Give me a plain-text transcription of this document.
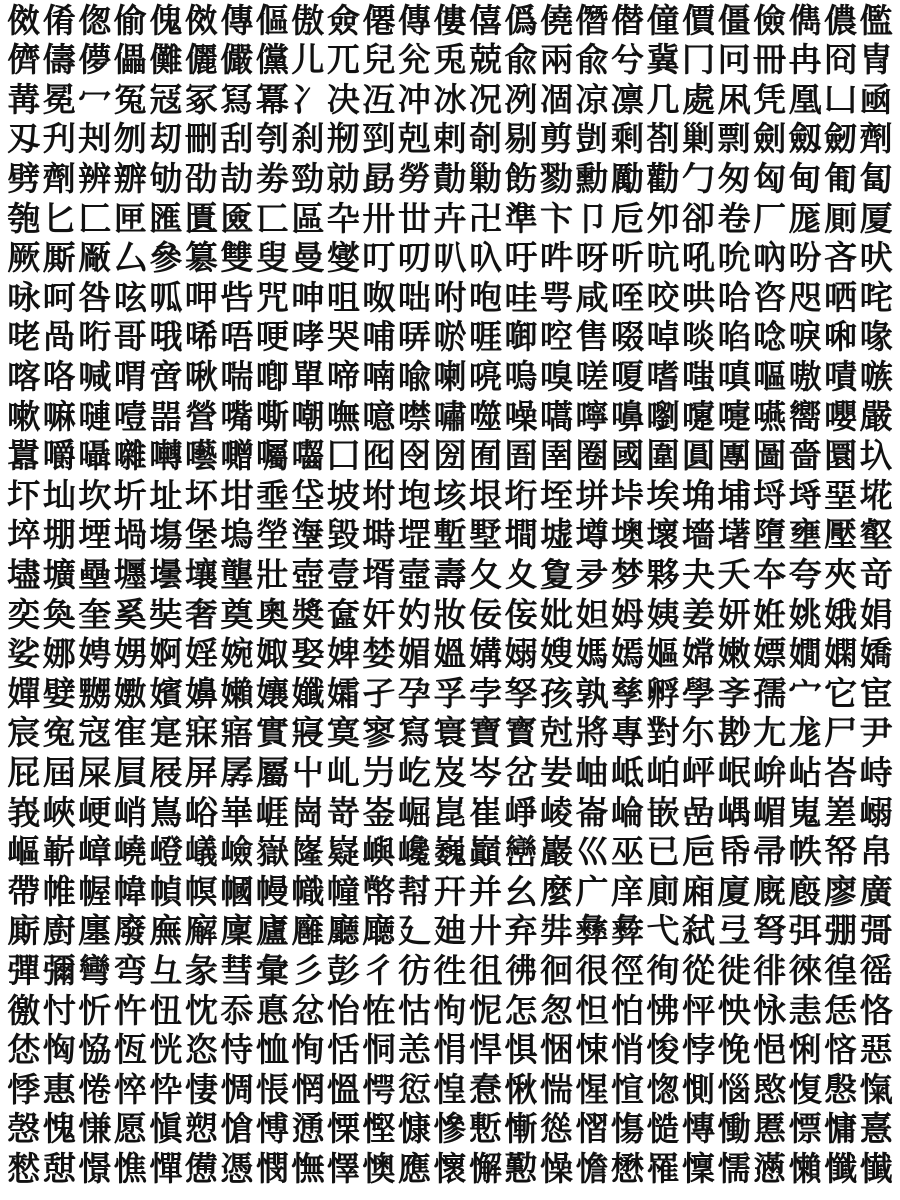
傚 倄 偬 偷 傀 傚 傳 傴 傲 僉 僊 傳 僂 僖 僞 僥 僭 僣 僮 價 僵 儉 儁 儂 儖
儕 儔 儚 儡 儺 儷 儼 儻 儿 兀 兒 兊 兎 兢 兪 兩 兪 兮 冀 冂 冋 冊 冉 冏 冑
冓 冕 冖 冤 冦 冢 冩 冪 冫 决 冱 冲 冰 况 冽 凅 凉 凛 几 處 凩 凭 凰 凵 凾
刄 刋 刔 刎 刧 刪 刮 刳 刹 剏 剄 剋 剌 剞 剔 剪 剴 剩 剳 剿 剽 劍 劔 劒 劑
劈 劑 辨 辧 劬 劭 劼 劵 勁 勍 勗 勞 勣 勦 飭 勠 勳 勵 勸 勹 匆 匈 甸 匍 匐
匏 匕 匚 匣 匯 匱 匳 匸 區 卆 卅 丗 卉 卍 準 卞 卩 卮 夘 卻 卷 厂 厖 厠 厦
厥 厮 厰 厶 參 簒 雙 叟 曼 燮 叮 叨 叭 叺 吁 吽 呀 听 吭 吼 吮 吶 吩 吝 吠
咏 呵 咎 呟 呱 呷 呰 咒 呻 咀 呶 咄 咐 咆 哇 咢 咸 咥 咬 哄 哈 咨 咫 哂 咤
咾 咼 哘 哥 哦 唏 唔 哽 哮 哭 哺 哢 唹 啀 啣 啌 售 啜 啅 啖 啗 唸 唳 啝 喙
喀 咯 喊 喟 啻 啾 喘 喞 單 啼 喃 喩 喇 喨 嗚 嗅 嗟 嗄 嗜 嗤 嗔 嘔 嗷 嘖 嗾
嗽 嘛 嗹 噎 噐 營 嘴 嘶 嘲 嘸 噫 噤 嘯 噬 噪 嚆 嚀 嚊 嚠 嚔 嚏 嚥 嚮 嚶 嚴
囂 嚼 囁 囃 囀 囈 囎 囑 囓 囗 囮 囹 圀 囿 圄 圉 圈 國 圍 圓 團 圖 嗇 圜 圦
圷 圸 坎 圻 址 坏 坩 埀 垈 坡 坿 垉 垓 垠 垳 垤 垪 垰 埃 埆 埔 埒 埓 堊 埖
埣 堋 堙 堝 塲 堡 塢 塋 塰 毀 塒 堽 塹 墅 墹 墟 墫 墺 壞 墻 墸 墮 壅 壓 壑
壗 壙 壘 壥 壜 壤 壟 壯 壺 壹 壻 壼 壽 夂 夊 夐 夛 梦 夥 夬 夭 夲 夸 夾 竒
奕 奐 奎 奚 奘 奢 奠 奧 奬 奩 奸 妁 妝 佞 侫 妣 妲 姆 姨 姜 妍 姙 姚 娥 娟
娑 娜 娉 娚 婀 婬 婉 娵 娶 婢 婪 媚 媼 媾 嫋 嫂 媽 嫣 嫗 嫦 嫩 嫖 嫺 嫻 嬌
嬋 嬖 嬲 嫐 嬪 嬶 嬾 孃 孅 孀 孑 孕 孚 孛 孥 孩 孰 孳 孵 學 斈 孺 宀 它 宦
宸 寃 寇 寉 寔 寐 寤 實 寢 寞 寥 寫 寰 寶 寳 尅 將 專 對 尓 尠 尢 尨 尸 尹
屁 屆 屎 屓 屐 屏 孱 屬 屮 乢 屶 屹 岌 岑 岔 妛 岫 岻 岶 岼 岷 峅 岾 峇 峙
峩 峽 峺 峭 嶌 峪 崋 崕 崗 嵜 崟 崛 崑 崔 崢 崚 崙 崘 嵌 嵒 嵎 嵋 嵬 嵳 嵶
嶇 嶄 嶂 嶢 嶝 嶬 嶮 嶽 嶐 嶷 嶼 巉 巍 巓 巒 巖 巛 巫 已 巵 帋 帚 帙 帑 帛
帶 帷 幄 幃 幀 幎 幗 幔 幟 幢 幤 幇 幵 并 幺 麼 广 庠 廁 廂 廈 廐 廏 廖 廣
廝 廚 廛 廢 廡 廨 廩 廬 廱 廳 廰 廴 廸 廾 弃 弉 彝 彜 弋 弑 弖 弩 弭 弸 彁
彈 彌 彎 弯 彑 彖 彗 彙 彡 彭 彳 彷 徃 徂 彿 徊 很 徑 徇 從 徙 徘 徠 徨 徭
徼 忖 忻 忤 忸 忱 忝 悳 忿 怡 恠 怙 怐 怩 怎 怱 怛 怕 怫 怦 怏 怺 恚 恁 恪
恷 恟 恊 恆 恍 恣 恃 恤 恂 恬 恫 恙 悁 悍 惧 悃 悚 悄 悛 悖 悗 悒 悧 悋 惡
悸 惠 惓 悴 忰 悽 惆 悵 惘 慍 愕 愆 惶 惷 愀 惴 惺 愃 愡 惻 惱 愍 愎 慇 愾
愨 愧 慊 愿 愼 愬 愴 愽 慂 慄 慳 慷 慘 慙 慚 慫 慴 慯 慥 慱 慟 慝 慓 慵 憙
憖 憇 憬 憔 憚 憊 憑 憫 憮 懌 懊 應 懷 懈 懃 懆 憺 懋 罹 懍 懦 懣 懶 懺 懴
